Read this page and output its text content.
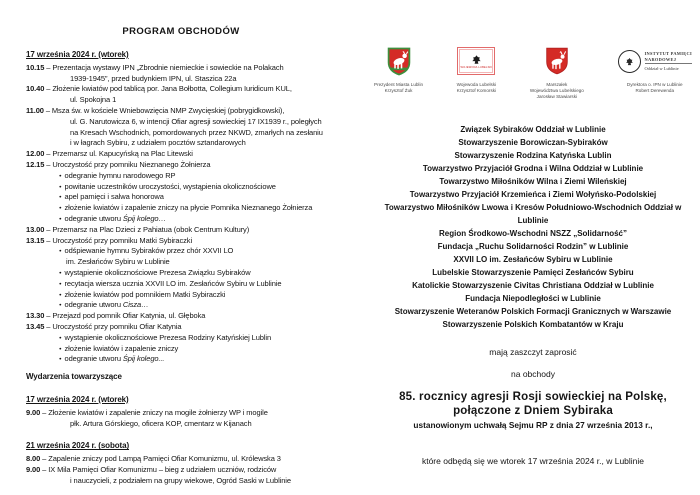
PROGRAM OBCHODÓW
17 września 2024 r. (wtorek)
10.15 – Prezentacja wystawy IPN „Zbrodnie niemieckie i sowieckie na Polakach
1939-1945”, przed budynkiem IPN, ul. Staszica 22a
10.40 – Złożenie kwiatów pod tablicą por. Jana Bołbotta, Collegium Iuridicum KUL,
ul. Spokojna 1
11.00 – Msza św. w kościele Wniebowzięcia NMP Zwycięskiej (pobrygidkowski),
ul. G. Narutowicza 6, w intencji Ofiar agresji sowieckiej 17 IX1939 r., poległych
na Kresach Wschodnich, pomordowanych przez NKWD, zmarłych na zesłaniu
i w łagrach Sybiru, z udziałem pocztów sztandarowych
12.00 – Przemarsz ul. Kapucyńską na Plac Litewski
12.15 – Uroczystość przy pomniku Nieznanego Żołnierza
• odegranie hymnu narodowego RP
• powitanie uczestników uroczystości, wystąpienia okolicznościowe
• apel pamięci i salwa honorowa
• złożenie kwiatów i zapalenie zniczy na płycie Pomnika Nieznanego Żołnierza
• odegranie utworu Śpij kolego…
13.00 – Przemarsz na Plac Dzieci z Pahiatua (obok Centrum Kultury)
13.15 – Uroczystość przy pomniku Matki Sybiraczki
• odśpiewanie hymnu Sybiraków przez chór XXVII LO
im. Zesłańców Sybiru w Lublinie
• wystąpienie okolicznościowe Prezesa Związku Sybiraków
• recytacja wiersza ucznia XXVII LO im. Zesłańców Sybiru w Lublinie
• złożenie kwiatów pod pomnikiem Matki Sybiraczki
• odegranie utworu Cisza…
13.30 – Przejazd pod pomnik Ofiar Katynia, ul. Głęboka
13.45 – Uroczystość przy pomniku Ofiar Katynia
• wystąpienie okolicznościowe Prezesa Rodziny Katyńskiej Lublin
• złożenie kwiatów i zapalenie zniczy
• odegranie utworu Śpij kolego...
Wydarzenia towarzyszące
17 września 2024 r. (wtorek)
9.00 – Złożenie kwiatów i zapalenie zniczy na mogile żołnierzy WP i mogile
płk. Artura Górskiego, oficera KOP, cmentarz w Kijanach
21 września 2024 r. (sobota)
8.00 – Zapalenie zniczy pod Lampą Pamięci Ofiar Komunizmu, ul. Królewska 3
9.00 – IX Mila Pamięci Ofiar Komunizmu – bieg z udziałem uczniów, rodziców
i nauczycieli, z podziałem na grupy wiekowe, Ogród Saski w Lublinie
Prezydent Miasta Lublin
Krzysztof Żuk
WOJEWODA LUBELSKI
Wojewoda Lubelski
Krzysztof Komorski
Marszałek
Województwa Lubelskiego
Jarosław Stawiarski
INSTYTUT PAMIĘCI
NARODOWEJ
Oddział w Lublinie
Dyrektora o. IPN w Lublinie
Robert Derewenda
Związek Sybiraków Oddział w Lublinie
Stowarzyszenie Borowiczan-Sybiraków
Stowarzyszenie Rodzina Katyńska Lublin
Towarzystwo Przyjaciół Grodna i Wilna Oddział w Lublinie
Towarzystwo Miłośników Wilna i Ziemi Wileńskiej
Towarzystwo Przyjaciół Krzemieńca i Ziemi Wołyńsko-Podolskiej
Towarzystwo Miłośników Lwowa i Kresów Południowo-Wschodnich Oddział w Lublinie
Region Środkowo-Wschodni NSZZ „Solidarność”
Fundacja „Ruchu Solidarności Rodzin” w Lublinie
XXVII LO im. Zesłańców Sybiru w Lublinie
Lubelskie Stowarzyszenie Pamięci Zesłańców Sybiru
Katolickie Stowarzyszenie Civitas Christiana Oddział w Lublinie
Fundacja Niepodległości w Lublinie
Stowarzyszenie Weteranów Polskich Formacji Granicznych w Warszawie
Stowarzyszenie Polskich Kombatantów w Kraju
mają zaszczyt zaprosić
na obchody
85. rocznicy agresji Rosji sowieckiej na Polskę,
połączone z Dniem Sybiraka
ustanowionym uchwałą Sejmu RP z dnia 27 września 2013 r.,
które odbędą się we wtorek 17 września 2024 r., w Lublinie
